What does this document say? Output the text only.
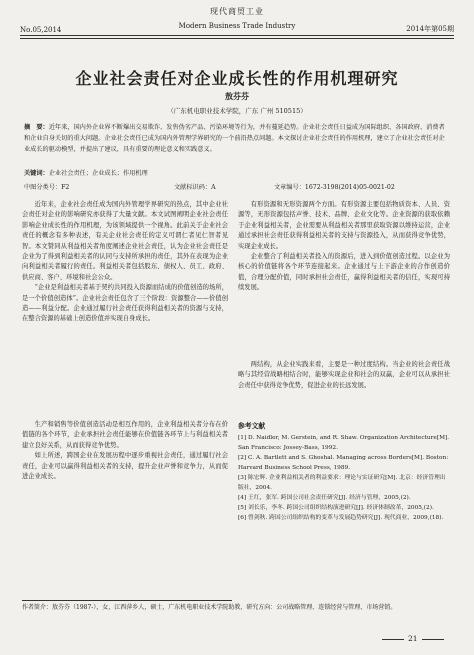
现代商贸工业
No.05,2014	Modern Business Trade Industry	2014年第05期
企业社会责任对企业成长性的作用机理研究
敖芬芬
（广东机电职业技术学院，广东 广州 510515）
摘　要：近年来，国内外企业界不断爆出交易欺诈、发售伪劣产品、污染环境等行为，并有蔓延趋势。企业社会责任日益成为国际组织、各国政府、消费者和企业自身关切的重大问题。企业社会责任已成为国内外管理学界研究的一个前沿热点问题。本文探讨企业社会责任的作用机理，建立了企业社会责任对企业成长的驱动模型，并提出了建议，具有重要的理论意义和实践意义。
关键词：企业社会责任；企业成长；作用机理
中图分类号：F2	文献标识码：A	文章编号：1672-3198(2014)05-0021-02

近年来，企业社会责任成为国内外管理学界研究的热点，其中企业社会责任对企业的影响研究亦获得了大量文献。本文试图阐明企业社会责任影响企业成长性的作用机理，为该领域提供一个视角。此前关于企业社会责任的概念有多种表述，有关企业社会责任的定义可谓仁者见仁智者见智。本文赞同从利益相关者角度阐述企业社会责任，认为企业社会责任是企业为了得到利益相关者的认同与支持所承担的责任，其外在表现为企业向利益相关者履行的责任。利益相关者包括股东、债权人、员工、政府、供应商、客户、环境和社会公众。

“企业是利益相关者基于契约共同投入资源而结成的价值创造的场所，是一个价值创造体”。企业社会责任包含了三个阶段：资源整合——价值创造——利益分配。企业通过履行社会责任获得利益相关者的资源与支持，在整合资源的基础上创造价值并实现自身成长。

有形资源和无形资源两个方面。有形资源主要包括物质资本、人员、资源等，无形资源包括声誉、技术、品牌、企业文化等。企业资源的获取依赖于企业利益相关者，企业需要从利益相关者那里获取资源以维持运营，企业通过承担社会责任获得利益相关者的支持与资源投入，从而获得竞争优势，实现企业成长。

企业整合了利益相关者投入的资源后，进入到价值创造过程。以企业为核心的价值链将各个环节连接起来。企业通过与上下游企业的合作创造价值，合理分配价值，同时承担社会责任，赢得利益相关者的信任，实现可持续发展。

生产和销售等价值创造活动是相互作用的，企业利益相关者分布在价值链的各个环节，企业承担社会责任能够在价值链各环节上与利益相关者建立良好关系，从而获得竞争优势。

如上所述，跨国企业在发展历程中逐步重视社会责任，通过履行社会责任，企业可以赢得利益相关者的支持，提升企业声誉和竞争力，从而促进企业成长。

两结构，从企业实践来看，主要是一种过度结构。当企业的社会责任战略与其经营战略相结合时，能够实现企业和社会的双赢，企业可以从承担社会责任中获得竞争优势，促进企业的长远发展。

参考文献
[1] D. Naidler, M. Gerstein, and R. Shaw. Organization Architecture[M]. San Francisco: Jossey-Bass, 1992.
[2] C. A. Bartlett and S. Ghoshal. Managing across Borders[M]. Boston: Harvard Business School Press, 1989.
[3] 陈宏辉. 企业利益相关者的利益要求：理论与实证研究[M]. 北京：经济管理出版社，2004.
[4] 王红，张军. 跨国公司社会责任研究[J]. 经济与管理，2005,(2).
[5] 刘长乐，李冬. 跨国公司组织结构演进研究[J]. 经济体制改革，2005,(2).
[6] 曾剑秋. 跨国公司组织结构的变革与发展趋势研究[J]. 现代商业，2009,(18).
作者简介：敖芬芬（1987-），女，江西萍乡人，硕士，广东机电职业技术学院助教，研究方向：公司战略管理、连锁经营与管理、市场营销。
21
